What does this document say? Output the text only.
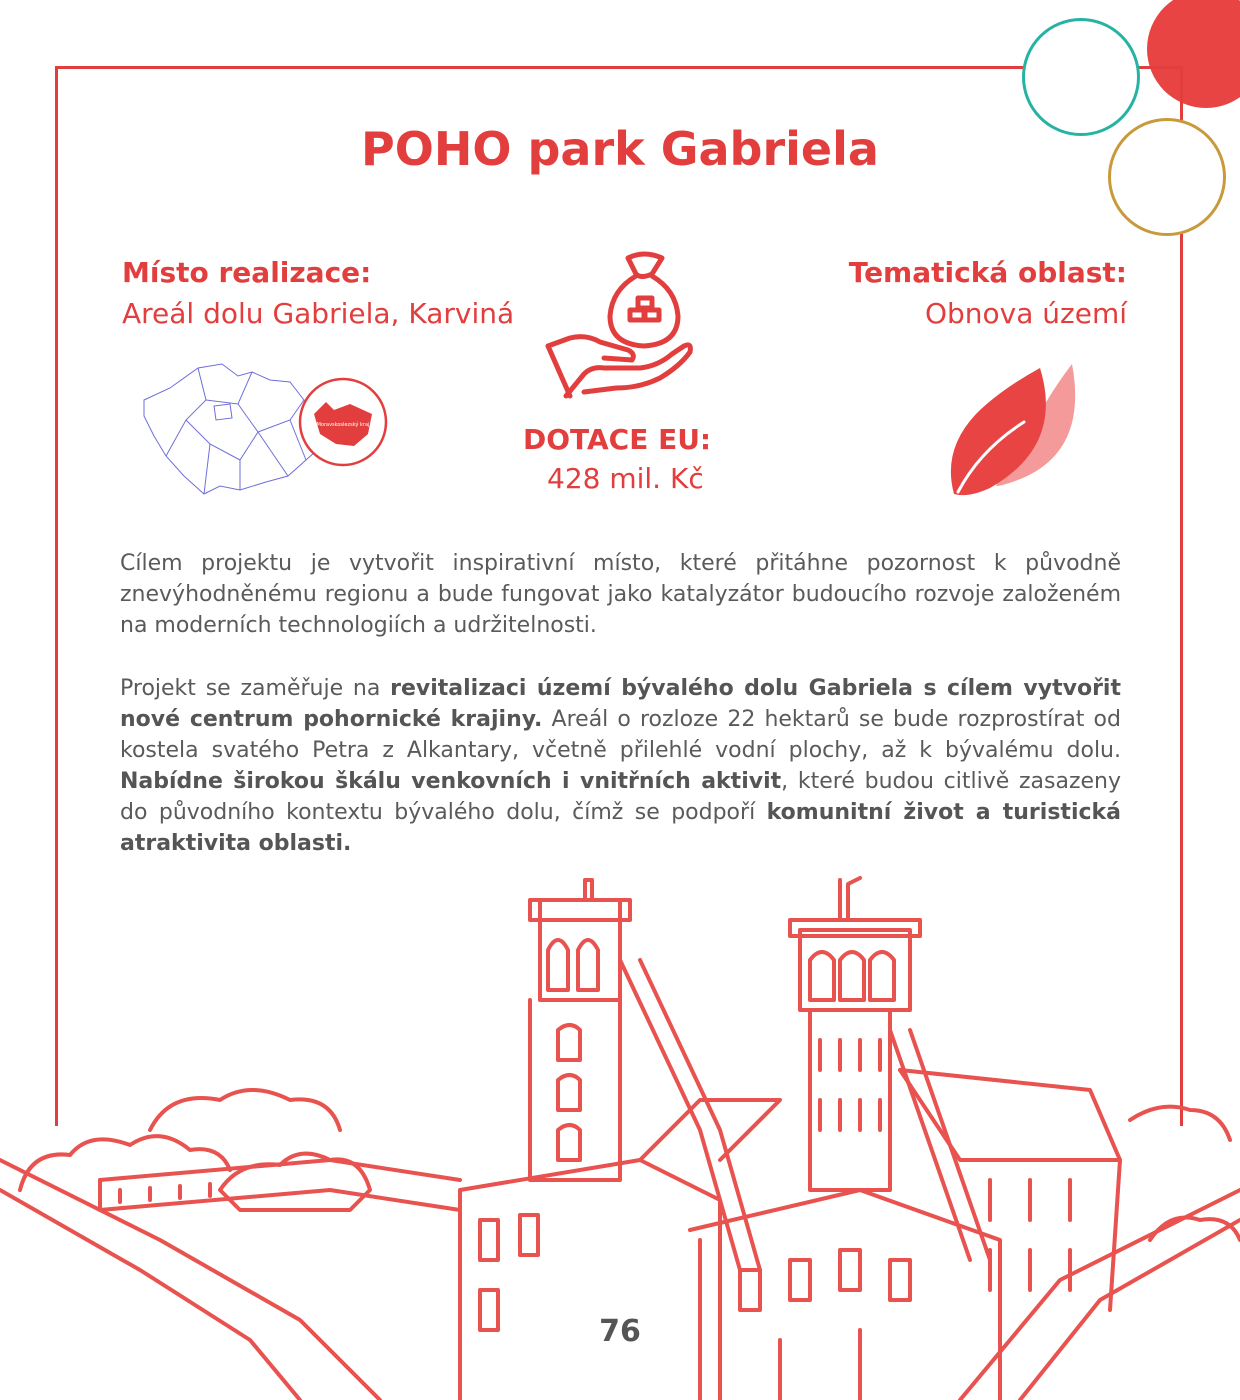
POHO park Gabriela
Místo realizace:
Areál dolu Gabriela, Karviná
Tematická oblast:
Obnova území
DOTACE EU:
428 mil. Kč
Moravskoslezský kraj

Cílem projektu je vytvořit inspirativní místo, které přitáhne pozornost k původně znevýhodněnému regionu a bude fungovat jako katalyzátor budoucího rozvoje založeném na moderních technologiích a udržitelnosti.

Projekt se zaměřuje na revitalizaci území bývalého dolu Gabriela s cílem vytvořit nové centrum pohornické krajiny. Areál o rozloze 22 hektarů se bude rozprostírat od kostela svatého Petra z Alkantary, včetně přilehlé vodní plochy, až k bývalému dolu. Nabídne širokou škálu venkovních i vnitřních aktivit, které budou citlivě zasazeny do původního kontextu bývalého dolu, čímž se podpoří komunitní život a turistická atraktivita oblasti.

76
